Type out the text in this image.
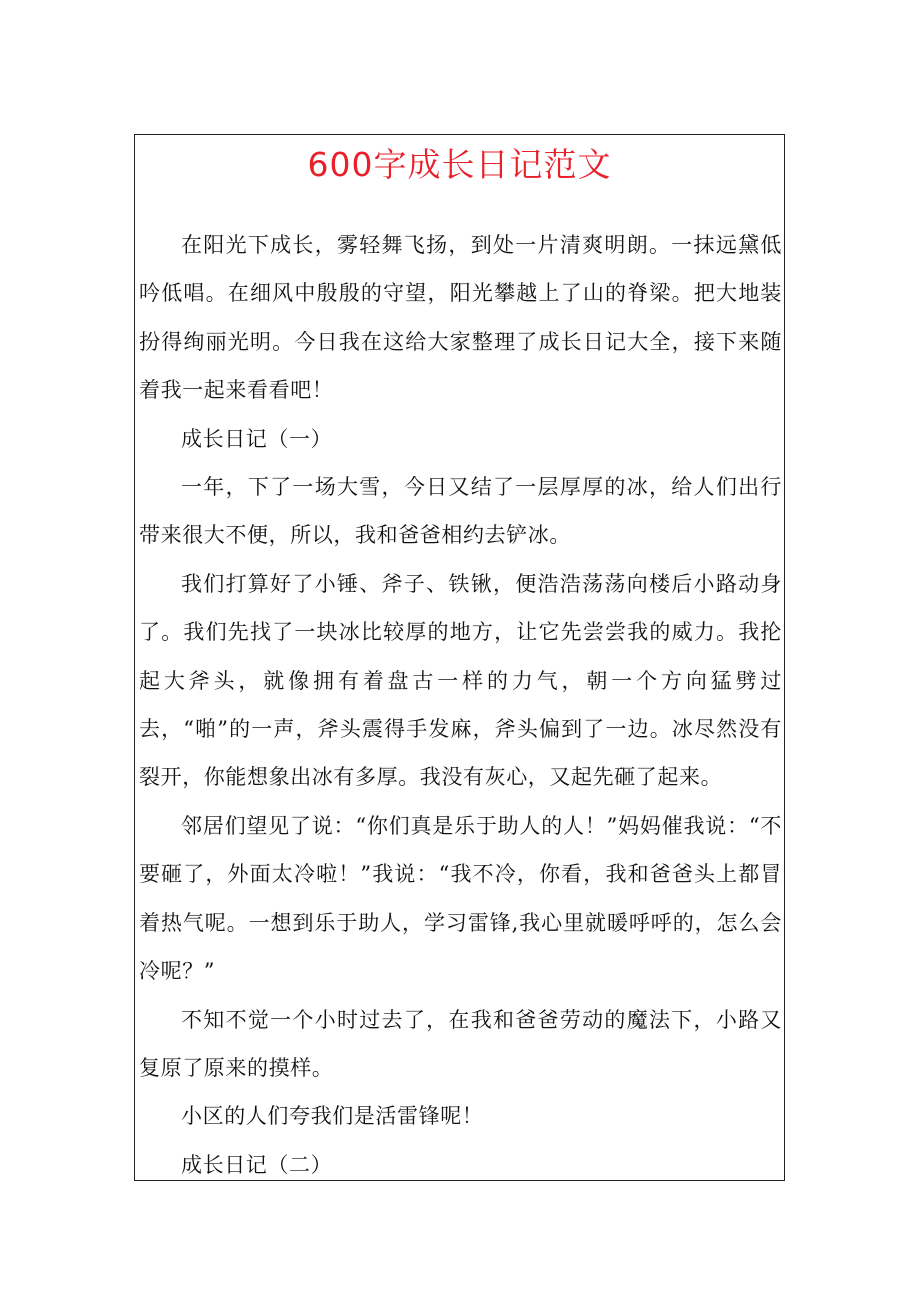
600字成长日记范文

在阳光下成长，雾轻舞飞扬，到处一片清爽明朗。一抹远黛低吟低唱。在细风中殷殷的守望，阳光攀越上了山的脊梁。把大地装扮得绚丽光明。今日我在这给大家整理了成长日记大全，接下来随着我一起来看看吧！

成长日记（一）

一年，下了一场大雪，今日又结了一层厚厚的冰，给人们出行带来很大不便，所以，我和爸爸相约去铲冰。

我们打算好了小锤、斧子、铁锹，便浩浩荡荡向楼后小路动身了。我们先找了一块冰比较厚的地方，让它先尝尝我的威力。我抡起大斧头，就像拥有着盘古一样的力气，朝一个方向猛劈过去，“啪”的一声，斧头震得手发麻，斧头偏到了一边。冰尽然没有裂开，你能想象出冰有多厚。我没有灰心，又起先砸了起来。

邻居们望见了说：“你们真是乐于助人的人！”妈妈催我说：“不要砸了，外面太冷啦！”我说：“我不冷，你看，我和爸爸头上都冒着热气呢。一想到乐于助人，学习雷锋,我心里就暖呼呼的，怎么会冷呢？”

不知不觉一个小时过去了，在我和爸爸劳动的魔法下，小路又复原了原来的摸样。

小区的人们夸我们是活雷锋呢！

成长日记（二）
